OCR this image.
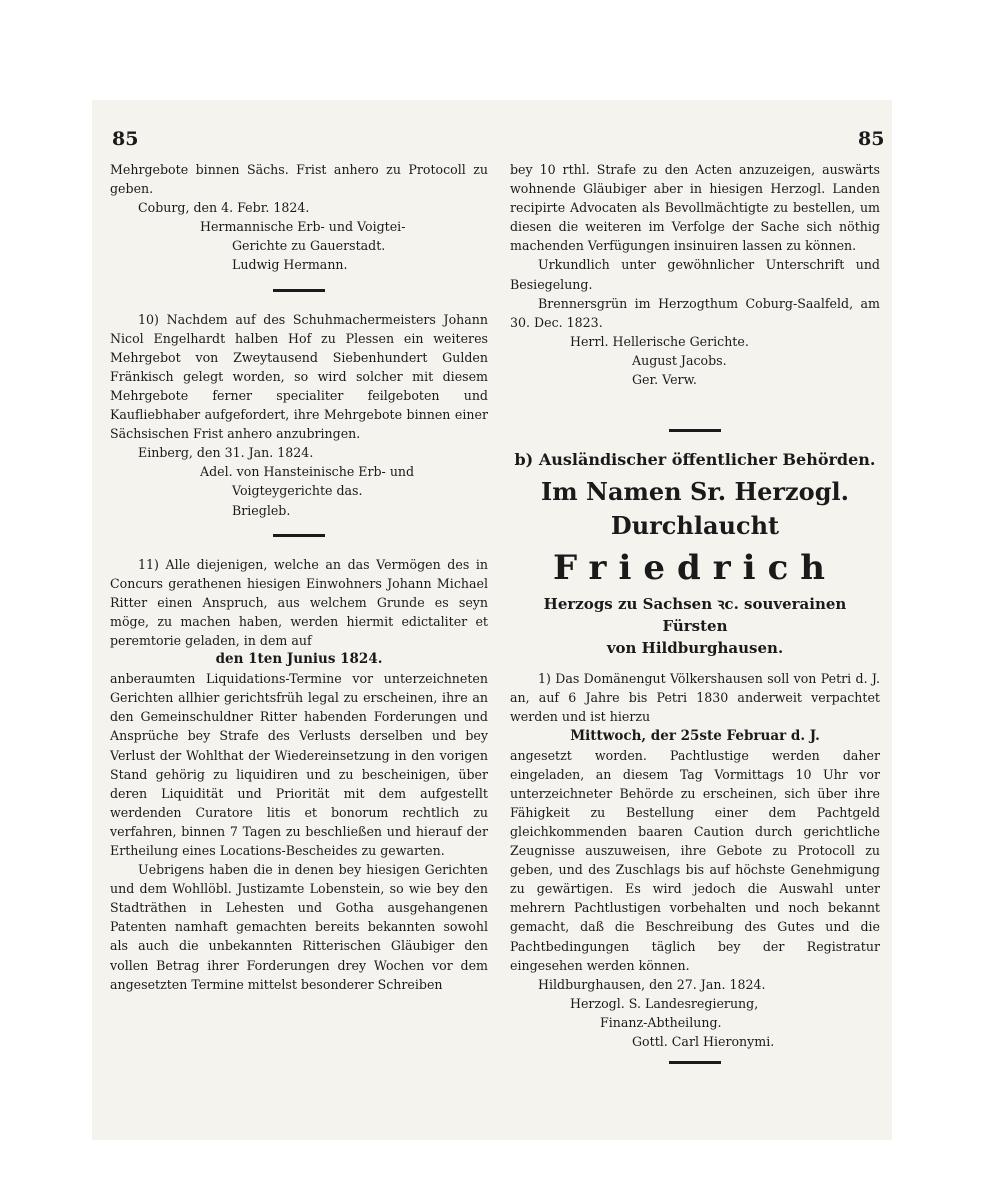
85	85

Mehrgebote binnen Sächs. Frist anhero zu Protocoll zu geben.

Coburg, den 4. Febr. 1824.

Hermannische Erb- und Voigtei-

Gerichte zu Gauerstadt.

Ludwig Hermann.

10) Nachdem auf des Schuhmachermeisters Johann Nicol Engelhardt halben Hof zu Plessen ein weiteres Mehrgebot von Zweytausend Siebenhundert Gulden Fränkisch gelegt worden, so wird solcher mit diesem Mehrgebote ferner specialiter feilgeboten und Kaufliebhaber aufgefordert, ihre Mehrgebote binnen einer Sächsischen Frist anhero anzubringen.

Einberg, den 31. Jan. 1824.

Adel. von Hansteinische Erb- und

Voigteygerichte das.

Briegleb.

11) Alle diejenigen, welche an das Vermögen des in Concurs gerathenen hiesigen Einwohners Johann Michael Ritter einen Anspruch, aus welchem Grunde es seyn möge, zu machen haben, werden hiermit edictaliter et peremtorie geladen, in dem auf

den 1ten Junius 1824.

anberaumten Liquidations-Termine vor unterzeichneten Gerichten allhier gerichtsfrüh legal zu erscheinen, ihre an den Gemeinschuldner Ritter habenden Forderungen und Ansprüche bey Strafe des Verlusts derselben und bey Verlust der Wohlthat der Wiedereinsetzung in den vorigen Stand gehörig zu liquidiren und zu bescheinigen, über deren Liquidität und Priorität mit dem aufgestellt werdenden Curatore litis et bonorum rechtlich zu verfahren, binnen 7 Tagen zu beschließen und hierauf der Ertheilung eines Locations-Bescheides zu gewarten.

Uebrigens haben die in denen bey hiesigen Gerichten und dem Wohllöbl. Justizamte Lobenstein, so wie bey den Stadträthen in Lehesten und Gotha ausgehangenen Patenten namhaft gemachten bereits bekannten sowohl als auch die unbekannten Ritterischen Gläubiger den vollen Betrag ihrer Forderungen drey Wochen vor dem angesetzten Termine mittelst besonderer Schreiben

bey 10 rthl. Strafe zu den Acten anzuzeigen, auswärts wohnende Gläubiger aber in hiesigen Herzogl. Landen recipirte Advocaten als Bevollmächtigte zu bestellen, um diesen die weiteren im Verfolge der Sache sich nöthig machenden Verfügungen insinuiren lassen zu können.

Urkundlich unter gewöhnlicher Unterschrift und Besiegelung.

Brennersgrün im Herzogthum Coburg-Saalfeld, am 30. Dec. 1823.

Herrl. Hellerische Gerichte.

August Jacobs.

Ger. Verw.

b) Ausländischer öffentlicher Behörden.
Im Namen Sr. Herzogl. Durchlaucht
Friedrich
Herzogs zu Sachsen ꝛc. souverainen Fürsten
von Hildburghausen.

1) Das Domänengut Völkershausen soll von Petri d. J. an, auf 6 Jahre bis Petri 1830 anderweit verpachtet werden und ist hierzu

Mittwoch, der 25ste Februar d. J.

angesetzt worden. Pachtlustige werden daher eingeladen, an diesem Tag Vormittags 10 Uhr vor unterzeichneter Behörde zu erscheinen, sich über ihre Fähigkeit zu Bestellung einer dem Pachtgeld gleichkommenden baaren Caution durch gerichtliche Zeugnisse auszuweisen, ihre Gebote zu Protocoll zu geben, und des Zuschlags bis auf höchste Genehmigung zu gewärtigen. Es wird jedoch die Auswahl unter mehrern Pachtlustigen vorbehalten und noch bekannt gemacht, daß die Beschreibung des Gutes und die Pachtbedingungen täglich bey der Registratur eingesehen werden können.

Hildburghausen, den 27. Jan. 1824.

Herzogl. S. Landesregierung,

Finanz-Abtheilung.

Gottl. Carl Hieronymi.
